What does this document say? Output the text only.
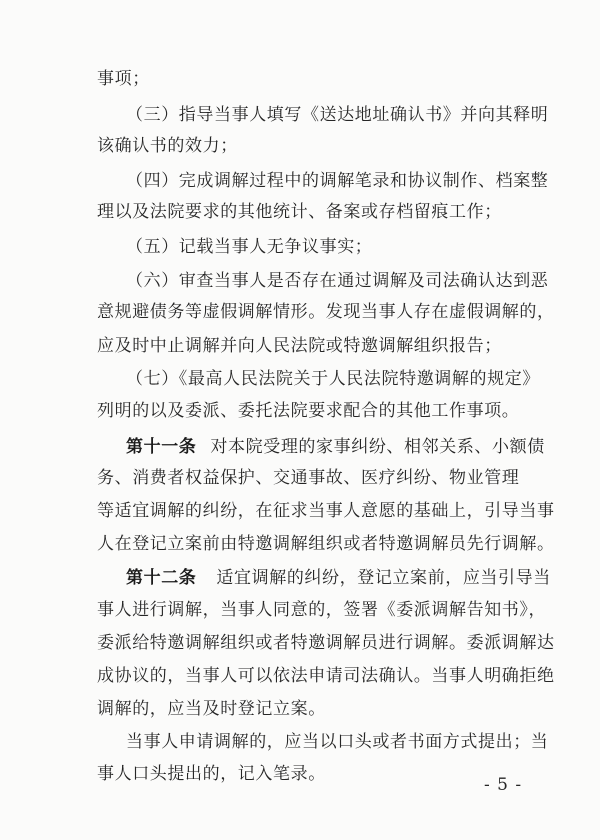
事项；
（三）指导当事人填写《送达地址确认书》并向其释明
该确认书的效力；
（四）完成调解过程中的调解笔录和协议制作、档案整
理以及法院要求的其他统计、备案或存档留痕工作；
（五）记载当事人无争议事实；
（六）审查当事人是否存在通过调解及司法确认达到恶
意规避债务等虚假调解情形。发现当事人存在虚假调解的，
应及时中止调解并向人民法院或特邀调解组织报告；
（七）《最高人民法院关于人民法院特邀调解的规定》
列明的以及委派、委托法院要求配合的其他工作事项。
第十一条 对本院受理的家事纠纷、相邻关系、小额债
务、消费者权益保护、交通事故、医疗纠纷、物业管理
等适宜调解的纠纷，在征求当事人意愿的基础上，引导当事
人在登记立案前由特邀调解组织或者特邀调解员先行调解。
第十二条 适宜调解的纠纷，登记立案前，应当引导当
事人进行调解，当事人同意的，签署《委派调解告知书》，
委派给特邀调解组织或者特邀调解员进行调解。委派调解达
成协议的，当事人可以依法申请司法确认。当事人明确拒绝
调解的，应当及时登记立案。
当事人申请调解的，应当以口头或者书面方式提出；当
事人口头提出的，记入笔录。
- 5 -
